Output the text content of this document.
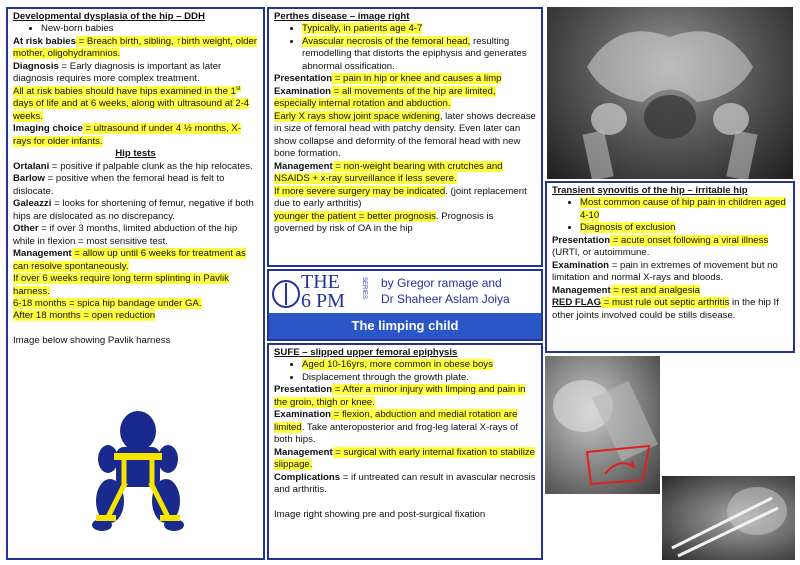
Developmental dysplasia of the hip – DDH

• New-born babies

At risk babies = Breach birth, sibling, ↑birth weight, older mother, oligohydramnios.

Diagnosis = Early diagnosis is important as later diagnosis requires more complex treatment.

All at risk babies should have hips examined in the 1st days of life and at 6 weeks, along with ultrasound at 2-4 weeks.

Imaging choice = ultrasound if under 4 ½ months, X-rays for older infants.

Hip tests

Ortalani = positive if palpable clunk as the hip relocates.

Barlow = positive when the femoral head is felt to dislocate.

Galeazzi = looks for shortening of femur, negative if both hips are dislocated as no discrepancy.

Other = if over 3 months, limited abduction of the hip while in flexion = most sensitive test.

Management = allow up until 6 weeks for treatment as can resolve spontaneously.

If over 6 weeks require long term splinting in Pavlik harness.

6-18 months = spica hip bandage under GA.

After 18 months = open reduction

Image below showing Pavlik harness

Perthes disease – image right

• Typically, in patients age 4-7
• Avascular necrosis of the femoral head, resulting remodelling that distorts the epiphysis and generates abnormal ossification.

Presentation = pain in hip or knee and causes a limp

Examination = all movements of the hip are limited, especially internal rotation and abduction.

Early X rays show joint space widening, later shows decrease in size of femoral head with patchy density. Even later can show collapse and deformity of the femoral head with new bone formation.

Management = non-weight bearing with crutches and NSAIDS + x-ray surveillance if less severe.

If more severe surgery may be indicated. (joint replacement due to early arthritis)

younger the patient = better prognosis. Prognosis is governed by risk of OA in the hip

THE
6 PM
SERIES by Gregor ramage and
Dr Shaheer Aslam Joiya
The limping child

SUFE – slipped upper femoral epiphysis

• Aged 10-16yrs, more common in obese boys
• Displacement through the growth plate.

Presentation = After a minor injury with limping and pain in the groin, thigh or knee.

Examination = flexion, abduction and medial rotation are limited. Take anteroposterior and frog-leg lateral X-rays of both hips.

Management = surgical with early internal fixation to stabilize slippage.

Complications = if untreated can result in avascular necrosis and arthritis.

Image right showing pre and post-surgical fixation

Transient synovitis of the hip – irritable hip

• Most common cause of hip pain in children aged 4-10
• Diagnosis of exclusion

Presentation = acute onset following a viral illness (URTI, or autoimmune.

Examination = pain in extremes of movement but no limitation and normal X-rays and bloods.

Management = rest and analgesia

RED FLAG = must rule out septic arthritis in the hip If other joints involved could be stills disease.
